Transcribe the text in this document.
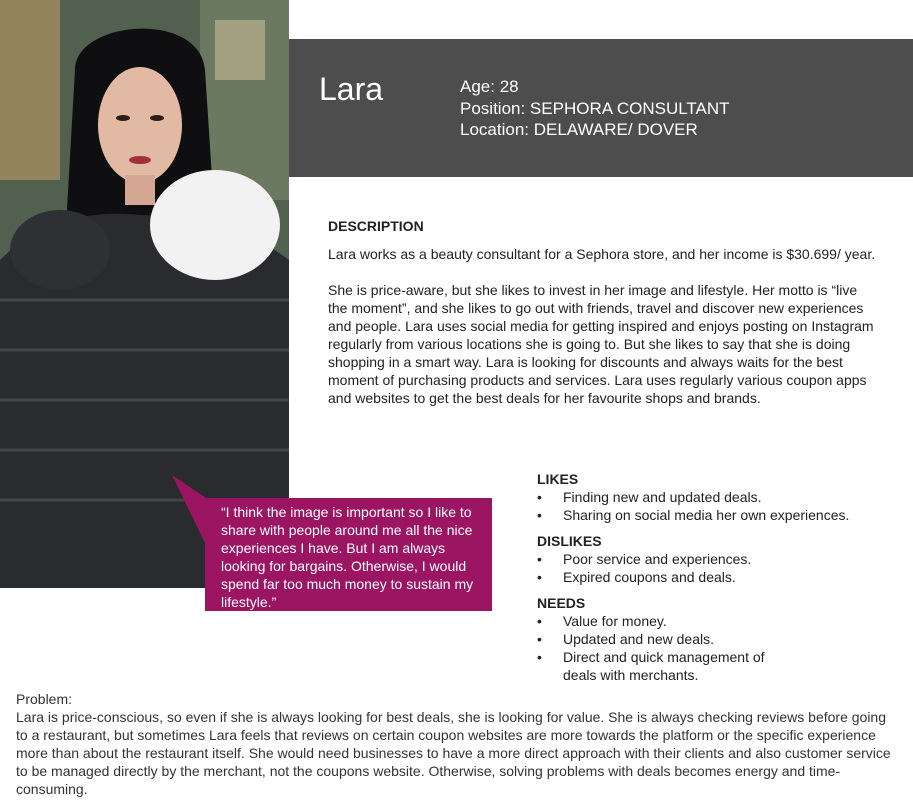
Lara	Age: 28
Position: SEPHORA CONSULTANT
Location: DELAWARE/ DOVER
DESCRIPTION

Lara works as a beauty consultant for a Sephora store, and her income is $30.699/ year.

She is price-aware, but she likes to invest in her image and lifestyle. Her motto is “live the moment”, and she likes to go out with friends, travel and discover new experiences and people. Lara uses social media for getting inspired and enjoys posting on Instagram regularly from various locations she is going to. But she likes to say that she is doing shopping in a smart way. Lara is looking for discounts and always waits for the best moment of purchasing products and services. Lara uses regularly various coupon apps and websites to get the best deals for her favourite shops and brands.

“I think the image is important so I like to share with people around me all the nice experiences I have. But I am always looking for bargains. Otherwise, I would spend far too much money to sustain my lifestyle.”
LIKES
• Finding new and updated deals.
• Sharing on social media her own experiences.
DISLIKES
• Poor service and experiences.
• Expired coupons and deals.
NEEDS
• Value for money.
• Updated and new deals.
• Direct and quick management of deals with merchants.
Problem:
Lara is price-conscious, so even if she is always looking for best deals, she is looking for value. She is always checking reviews before going to a restaurant, but sometimes Lara feels that reviews on certain coupon websites are more towards the platform or the specific experience more than about the restaurant itself. She would need businesses to have a more direct approach with their clients and also customer service to be managed directly by the merchant, not the coupons website. Otherwise, solving problems with deals becomes energy and time-consuming.
